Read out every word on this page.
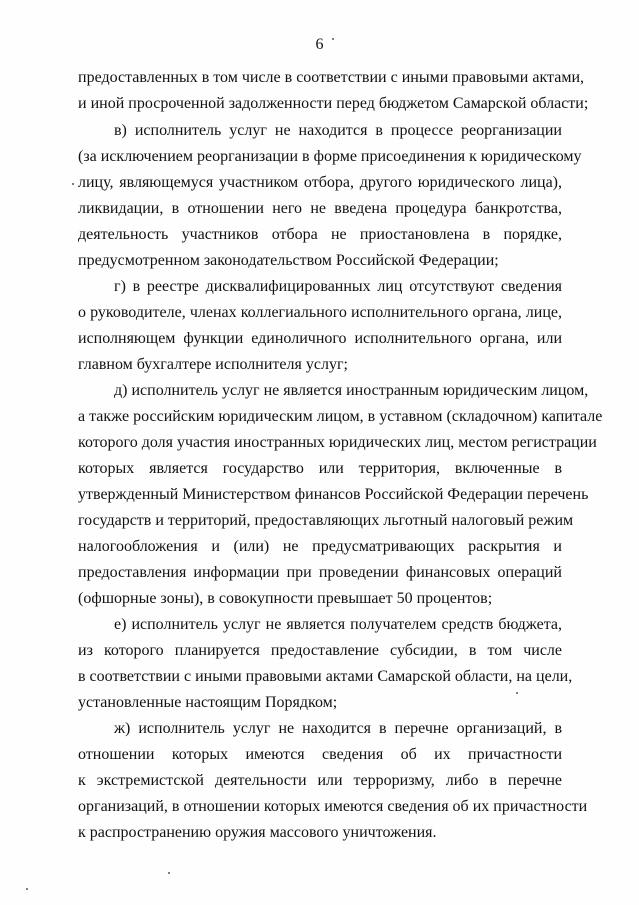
6
предоставленных в том числе в соответствии с иными правовыми актами,
и иной просроченной задолженности перед бюджетом Самарской области;
в) исполнитель услуг не находится в процессе реорганизации
(за исключением реорганизации в форме присоединения к юридическому
лицу, являющемуся участником отбора, другого юридического лица),
ликвидации, в отношении него не введена процедура банкротства,
деятельность участников отбора не приостановлена в порядке,
предусмотренном законодательством Российской Федерации;
г) в реестре дисквалифицированных лиц отсутствуют сведения
о руководителе, членах коллегиального исполнительного органа, лице,
исполняющем функции единоличного исполнительного органа, или
главном бухгалтере исполнителя услуг;
д) исполнитель услуг не является иностранным юридическим лицом,
а также российским юридическим лицом, в уставном (складочном) капитале
которого доля участия иностранных юридических лиц, местом регистрации
которых является государство или территория, включенные в
утвержденный Министерством финансов Российской Федерации перечень
государств и территорий, предоставляющих льготный налоговый режим
налогообложения и (или) не предусматривающих раскрытия и
предоставления информации при проведении финансовых операций
(офшорные зоны), в совокупности превышает 50 процентов;
е) исполнитель услуг не является получателем средств бюджета,
из которого планируется предоставление субсидии, в том числе
в соответствии с иными правовыми актами Самарской области, на цели,
установленные настоящим Порядком;
ж) исполнитель услуг не находится в перечне организаций, в
отношении которых имеются сведения об их причастности
к экстремистской деятельности или терроризму, либо в перечне
организаций, в отношении которых имеются сведения об их причастности
к распространению оружия массового уничтожения.
